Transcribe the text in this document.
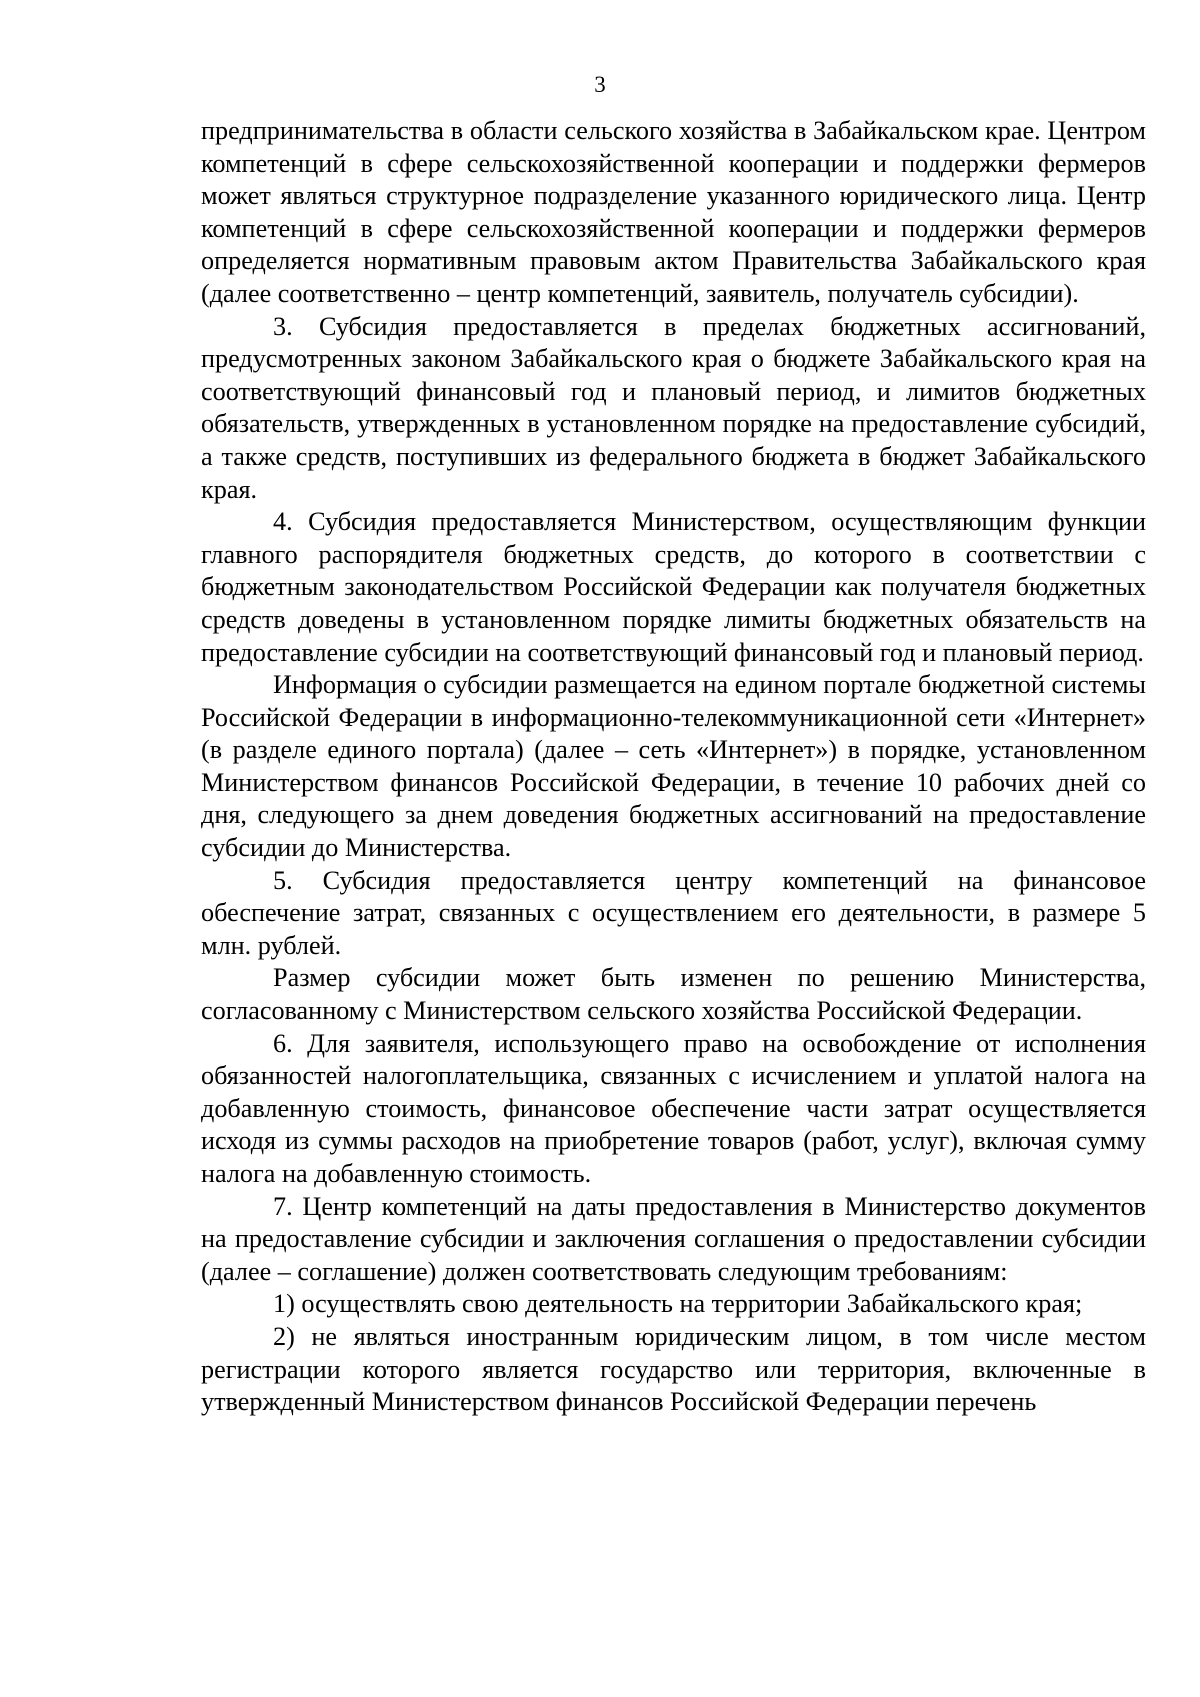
3

предпринимательства в области сельского хозяйства в Забайкальском крае. Центром компетенций в сфере сельскохозяйственной кооперации и поддержки фермеров может являться структурное подразделение указанного юридического лица. Центр компетенций в сфере сельскохозяйственной кооперации и поддержки фермеров определяется нормативным правовым актом Правительства Забайкальского края (далее соответственно – центр компетенций, заявитель, получатель субсидии).

3. Субсидия предоставляется в пределах бюджетных ассигнований, предусмотренных законом Забайкальского края о бюджете Забайкальского края на соответствующий финансовый год и плановый период, и лимитов бюджетных обязательств, утвержденных в установленном порядке на предоставление субсидий, а также средств, поступивших из федерального бюджета в бюджет Забайкальского края.

4. Субсидия предоставляется Министерством, осуществляющим функции главного распорядителя бюджетных средств, до которого в соответствии с бюджетным законодательством Российской Федерации как получателя бюджетных средств доведены в установленном порядке лимиты бюджетных обязательств на предоставление субсидии на соответствующий финансовый год и плановый период.

Информация о субсидии размещается на едином портале бюджетной системы Российской Федерации в информационно-телекоммуникационной сети «Интернет» (в разделе единого портала) (далее – сеть «Интернет») в порядке, установленном Министерством финансов Российской Федерации, в течение 10 рабочих дней со дня, следующего за днем доведения бюджетных ассигнований на предоставление субсидии до Министерства.

5. Субсидия предоставляется центру компетенций на финансовое обеспечение затрат, связанных с осуществлением его деятельности, в размере 5 млн. рублей.

Размер субсидии может быть изменен по решению Министерства, согласованному с Министерством сельского хозяйства Российской Федерации.

6. Для заявителя, использующего право на освобождение от исполнения обязанностей налогоплательщика, связанных с исчислением и уплатой налога на добавленную стоимость, финансовое обеспечение части затрат осуществляется исходя из суммы расходов на приобретение товаров (работ, услуг), включая сумму налога на добавленную стоимость.

7. Центр компетенций на даты предоставления в Министерство документов на предоставление субсидии и заключения соглашения о предоставлении субсидии (далее – соглашение) должен соответствовать следующим требованиям:

1) осуществлять свою деятельность на территории Забайкальского края;

2) не являться иностранным юридическим лицом, в том числе местом регистрации которого является государство или территория, включенные в утвержденный Министерством финансов Российской Федерации перечень
